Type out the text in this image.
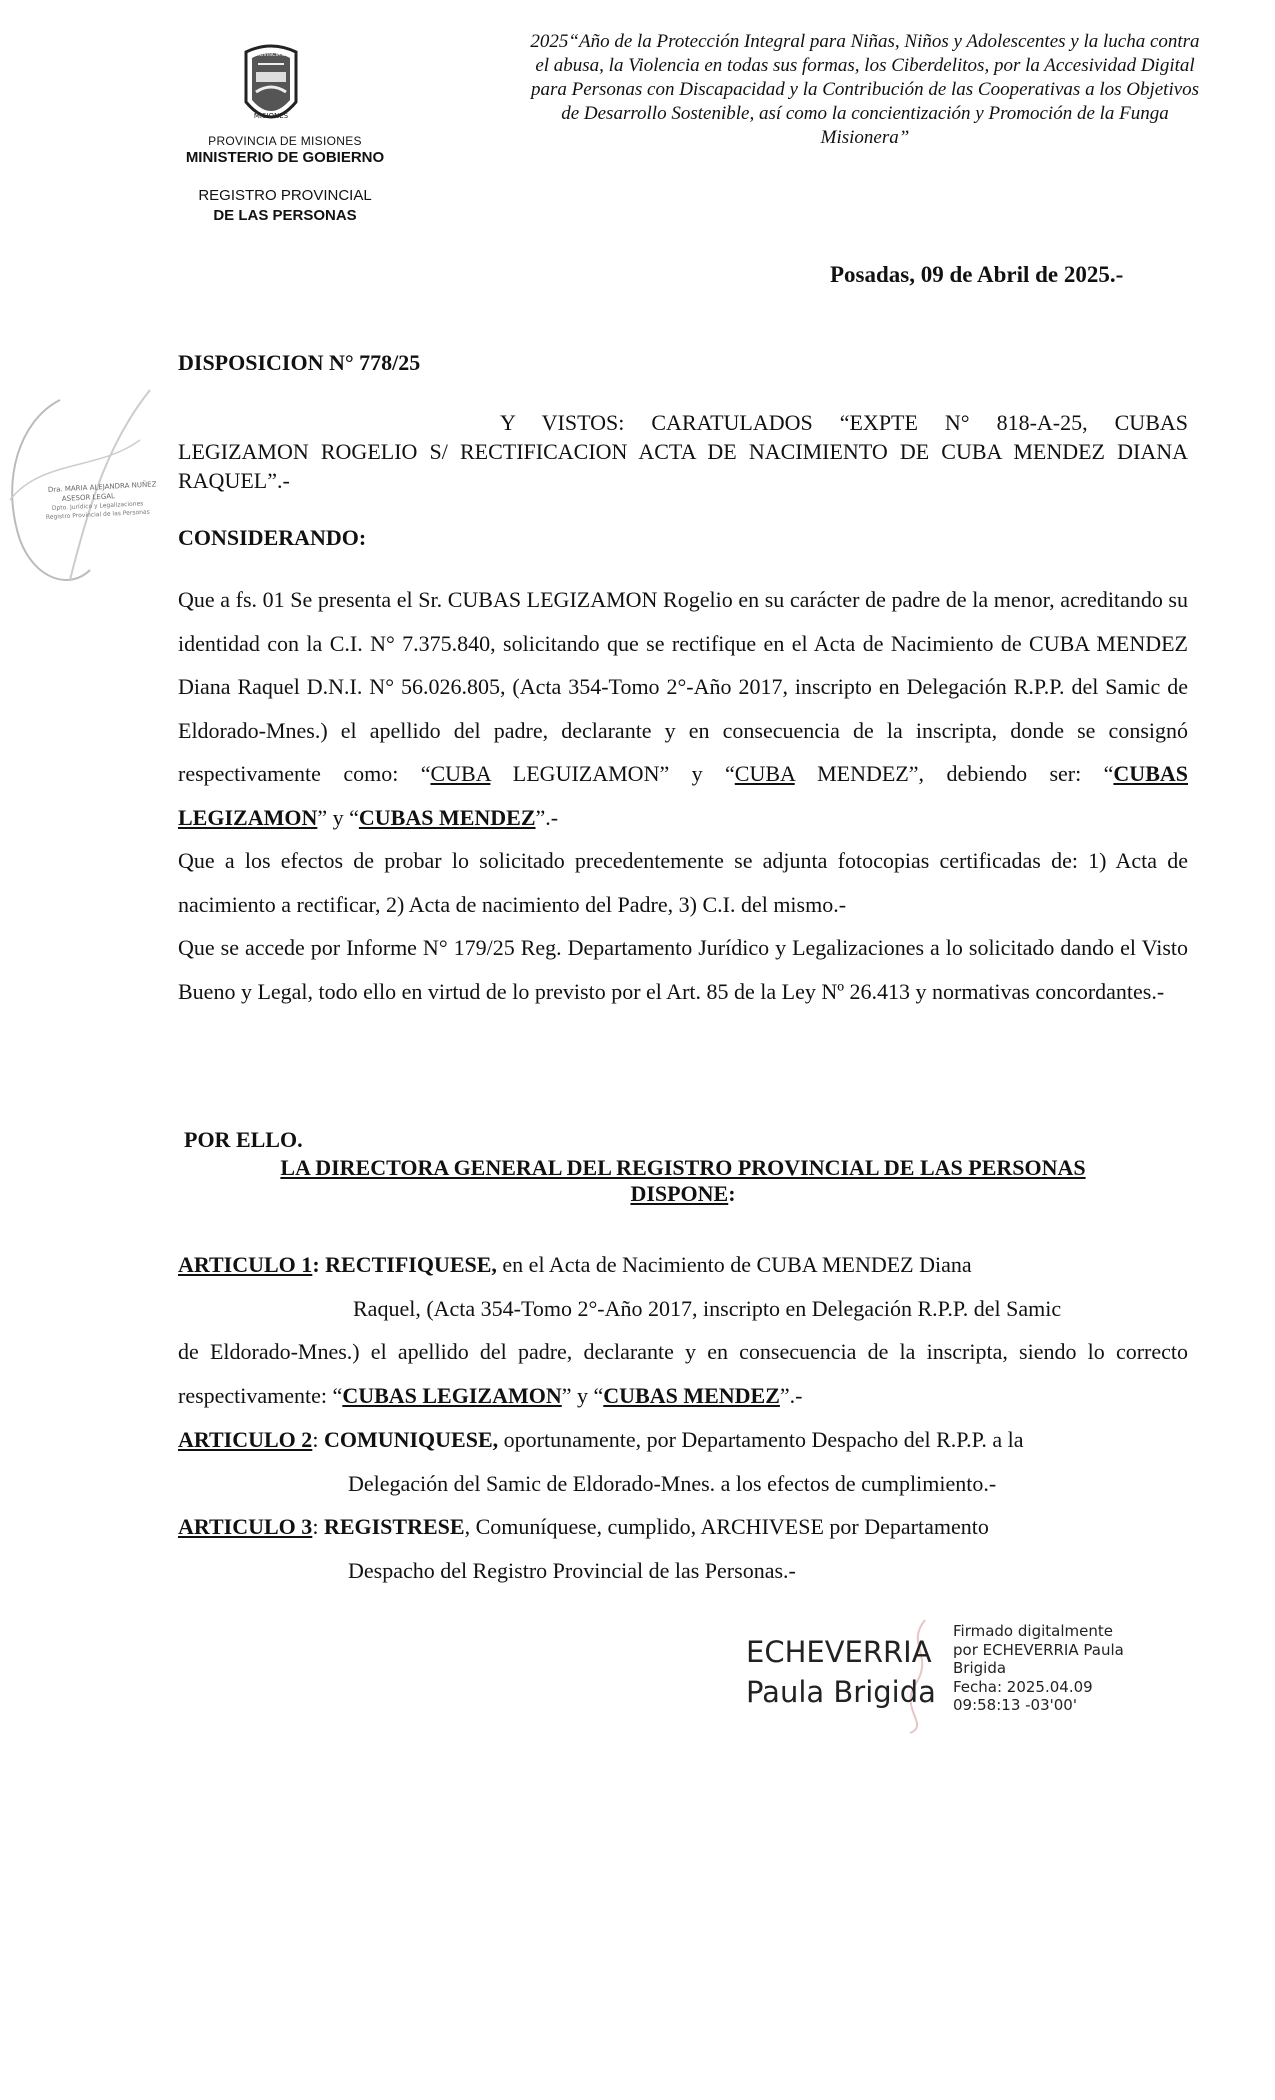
PROVINCIA DE
MISIONES
PROVINCIA DE MISIONES
MINISTERIO DE GOBIERNO
REGISTRO PROVINCIAL
DE LAS PERSONAS
2025“Año de la Protección Integral para Niñas, Niños y Adolescentes y la lucha contra el abusa, la Violencia en todas sus formas, los Ciberdelitos, por la Accesividad Digital para Personas con Discapacidad y la Contribución de las Cooperativas a los Objetivos de Desarrollo Sostenible, así como la concientización y Promoción de la Funga Misionera”
Dra. MARIA ALEJANDRA NUÑEZ
ASESOR LEGAL
Dpto. Jurídico y Legalizaciones
Registro Provincial de las Personas
Posadas, 09 de Abril de 2025.-
DISPOSICION N° 778/25
Y VISTOS: CARATULADOS “EXPTE N° 818-A-25, CUBAS LEGIZAMON ROGELIO S/ RECTIFICACION ACTA DE NACIMIENTO DE CUBA MENDEZ DIANA RAQUEL”.-
CONSIDERANDO:

Que a fs. 01 Se presenta el Sr. CUBAS LEGIZAMON Rogelio en su carácter de padre de la menor, acreditando su identidad con la C.I. N° 7.375.840, solicitando que se rectifique en el Acta de Nacimiento de CUBA MENDEZ Diana Raquel D.N.I. N° 56.026.805, (Acta 354-Tomo 2°-Año 2017, inscripto en Delegación R.P.P. del Samic de Eldorado-Mnes.) el apellido del padre, declarante y en consecuencia de la inscripta, donde se consignó respectivamente como: “CUBA LEGUIZAMON” y “CUBA MENDEZ”, debiendo ser: “CUBAS LEGIZAMON” y “CUBAS MENDEZ”.-

Que a los efectos de probar lo solicitado precedentemente se adjunta fotocopias certificadas de: 1) Acta de nacimiento a rectificar, 2) Acta de nacimiento del Padre, 3) C.I. del mismo.-

Que se accede por Informe N° 179/25 Reg. Departamento Jurídico y Legalizaciones a lo solicitado dando el Visto Bueno y Legal, todo ello en virtud de lo previsto por el Art. 85 de la Ley Nº 26.413 y normativas concordantes.-

POR ELLO.
LA DIRECTORA GENERAL DEL REGISTRO PROVINCIAL DE LAS PERSONAS
DISPONE:
ARTICULO 1: RECTIFIQUESE, en el Acta de Nacimiento de CUBA MENDEZ Diana
Raquel, (Acta 354-Tomo 2°-Año 2017, inscripto en Delegación R.P.P. del Samic
de Eldorado-Mnes.) el apellido del padre, declarante y en consecuencia de la inscripta, siendo lo correcto respectivamente: “CUBAS LEGIZAMON” y “CUBAS MENDEZ”.-
ARTICULO 2: COMUNIQUESE, oportunamente, por Departamento Despacho del R.P.P. a la
Delegación del Samic de Eldorado-Mnes. a los efectos de cumplimiento.-
ARTICULO 3: REGISTRESE, Comuníquese, cumplido, ARCHIVESE por Departamento
Despacho del Registro Provincial de las Personas.-
ECHEVERRIA
Paula Brigida
Firmado digitalmente
por ECHEVERRIA Paula
Brigida
Fecha: 2025.04.09
09:58:13 -03'00'
